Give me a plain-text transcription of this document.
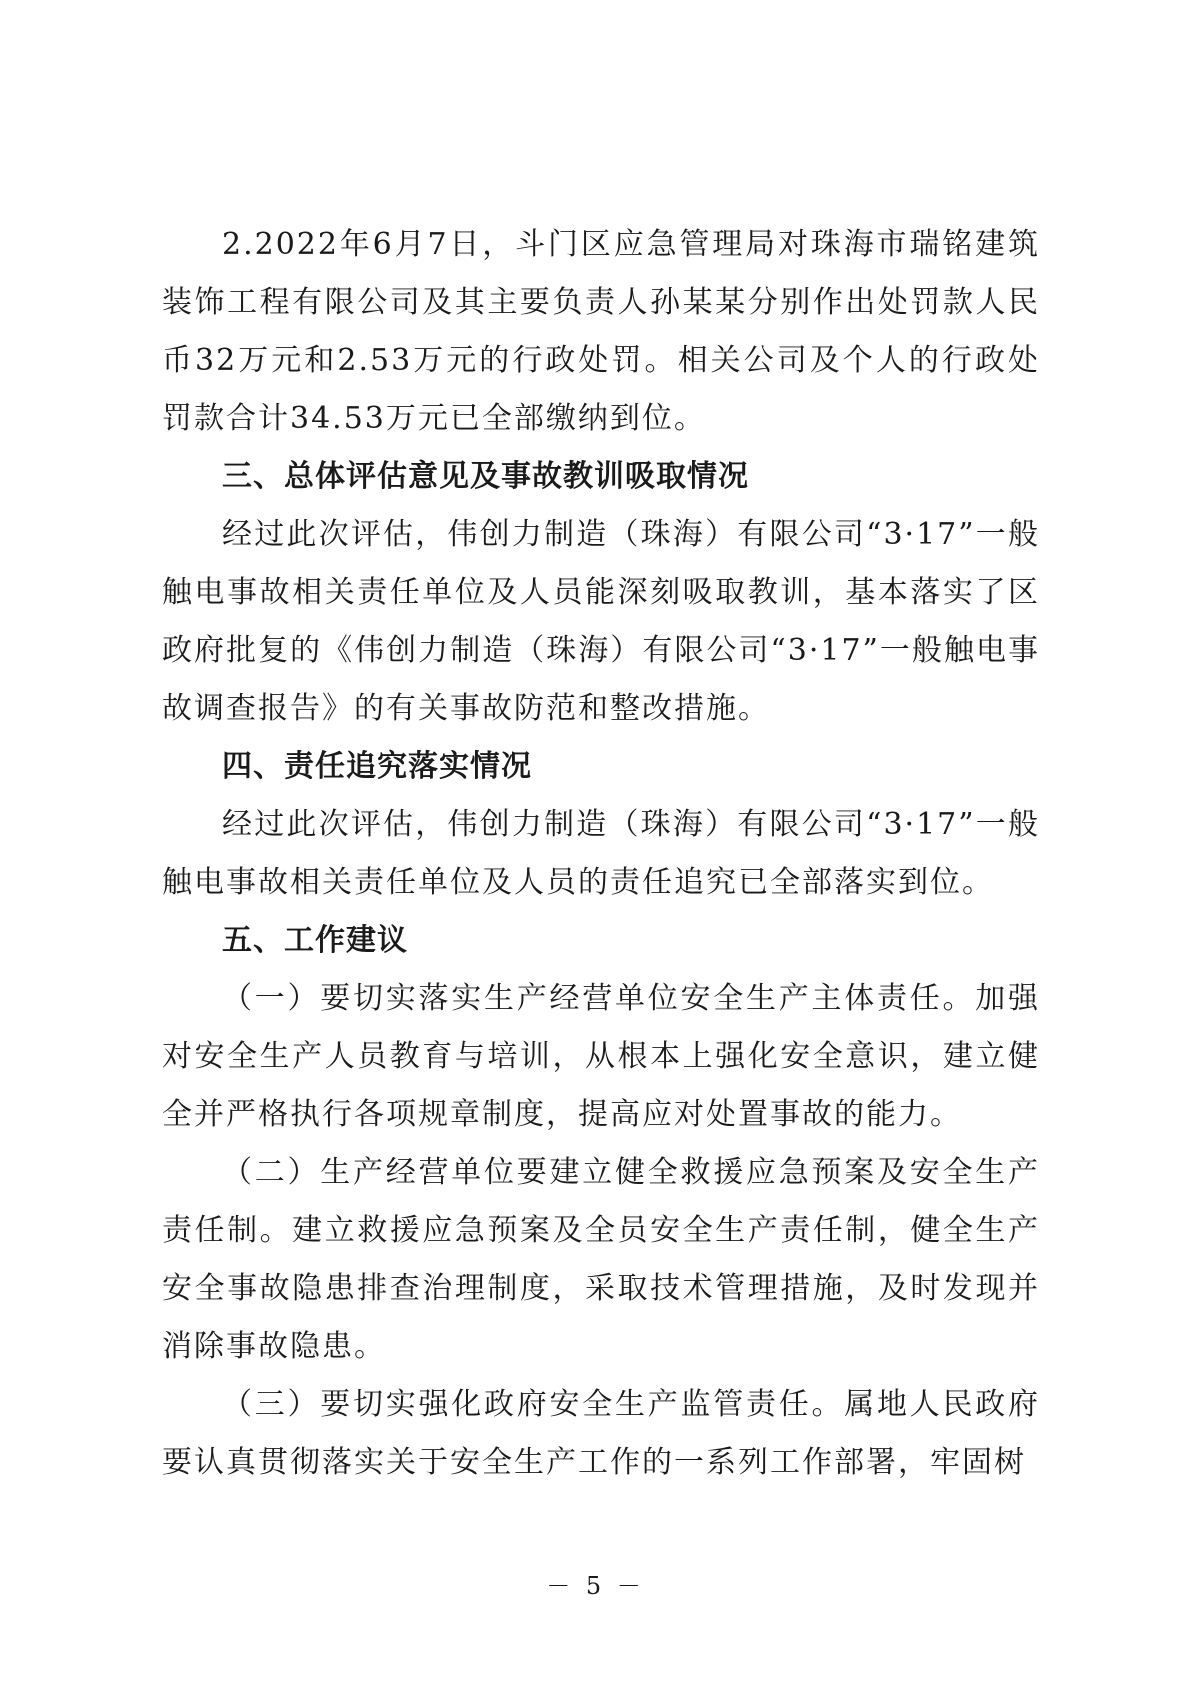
2.2022年6月7日，斗门区应急管理局对珠海市瑞铭建筑装饰工程有限公司及其主要负责人孙某某分别作出处罚款人民币32万元和2.53万元的行政处罚。相关公司及个人的行政处罚款合计34.53万元已全部缴纳到位。

三、总体评估意见及事故教训吸取情况

经过此次评估，伟创力制造（珠海）有限公司“3·17”一般触电事故相关责任单位及人员能深刻吸取教训，基本落实了区政府批复的《伟创力制造（珠海）有限公司“3·17”一般触电事故调查报告》的有关事故防范和整改措施。

四、责任追究落实情况

经过此次评估，伟创力制造（珠海）有限公司“3·17”一般触电事故相关责任单位及人员的责任追究已全部落实到位。

五、工作建议

（一）要切实落实生产经营单位安全生产主体责任。加强对安全生产人员教育与培训，从根本上强化安全意识，建立健全并严格执行各项规章制度，提高应对处置事故的能力。

（二）生产经营单位要建立健全救援应急预案及安全生产责任制。建立救援应急预案及全员安全生产责任制，健全生产安全事故隐患排查治理制度，采取技术管理措施，及时发现并消除事故隐患。

（三）要切实强化政府安全生产监管责任。属地人民政府要认真贯彻落实关于安全生产工作的一系列工作部署，牢固树

－ 5 －
